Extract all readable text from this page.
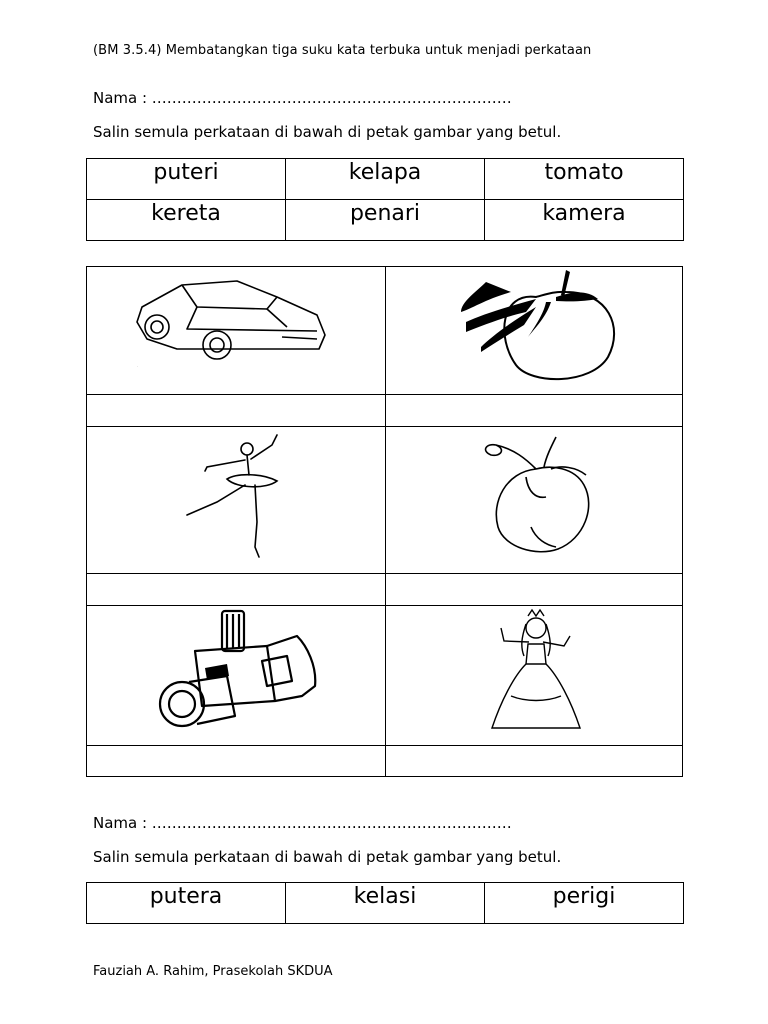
(BM 3.5.4) Membatangkan tiga suku kata terbuka untuk menjadi perkataan
Nama : ………………………………………………………………
Salin semula perkataan di bawah di petak gambar yang betul.
puteri	kelapa	tomato
kereta	penari	kamera
.
Nama : ………………………………………………………………
Salin semula perkataan di bawah di petak gambar yang betul.
putera	kelasi	perigi
Fauziah A. Rahim, Prasekolah SKDUA
